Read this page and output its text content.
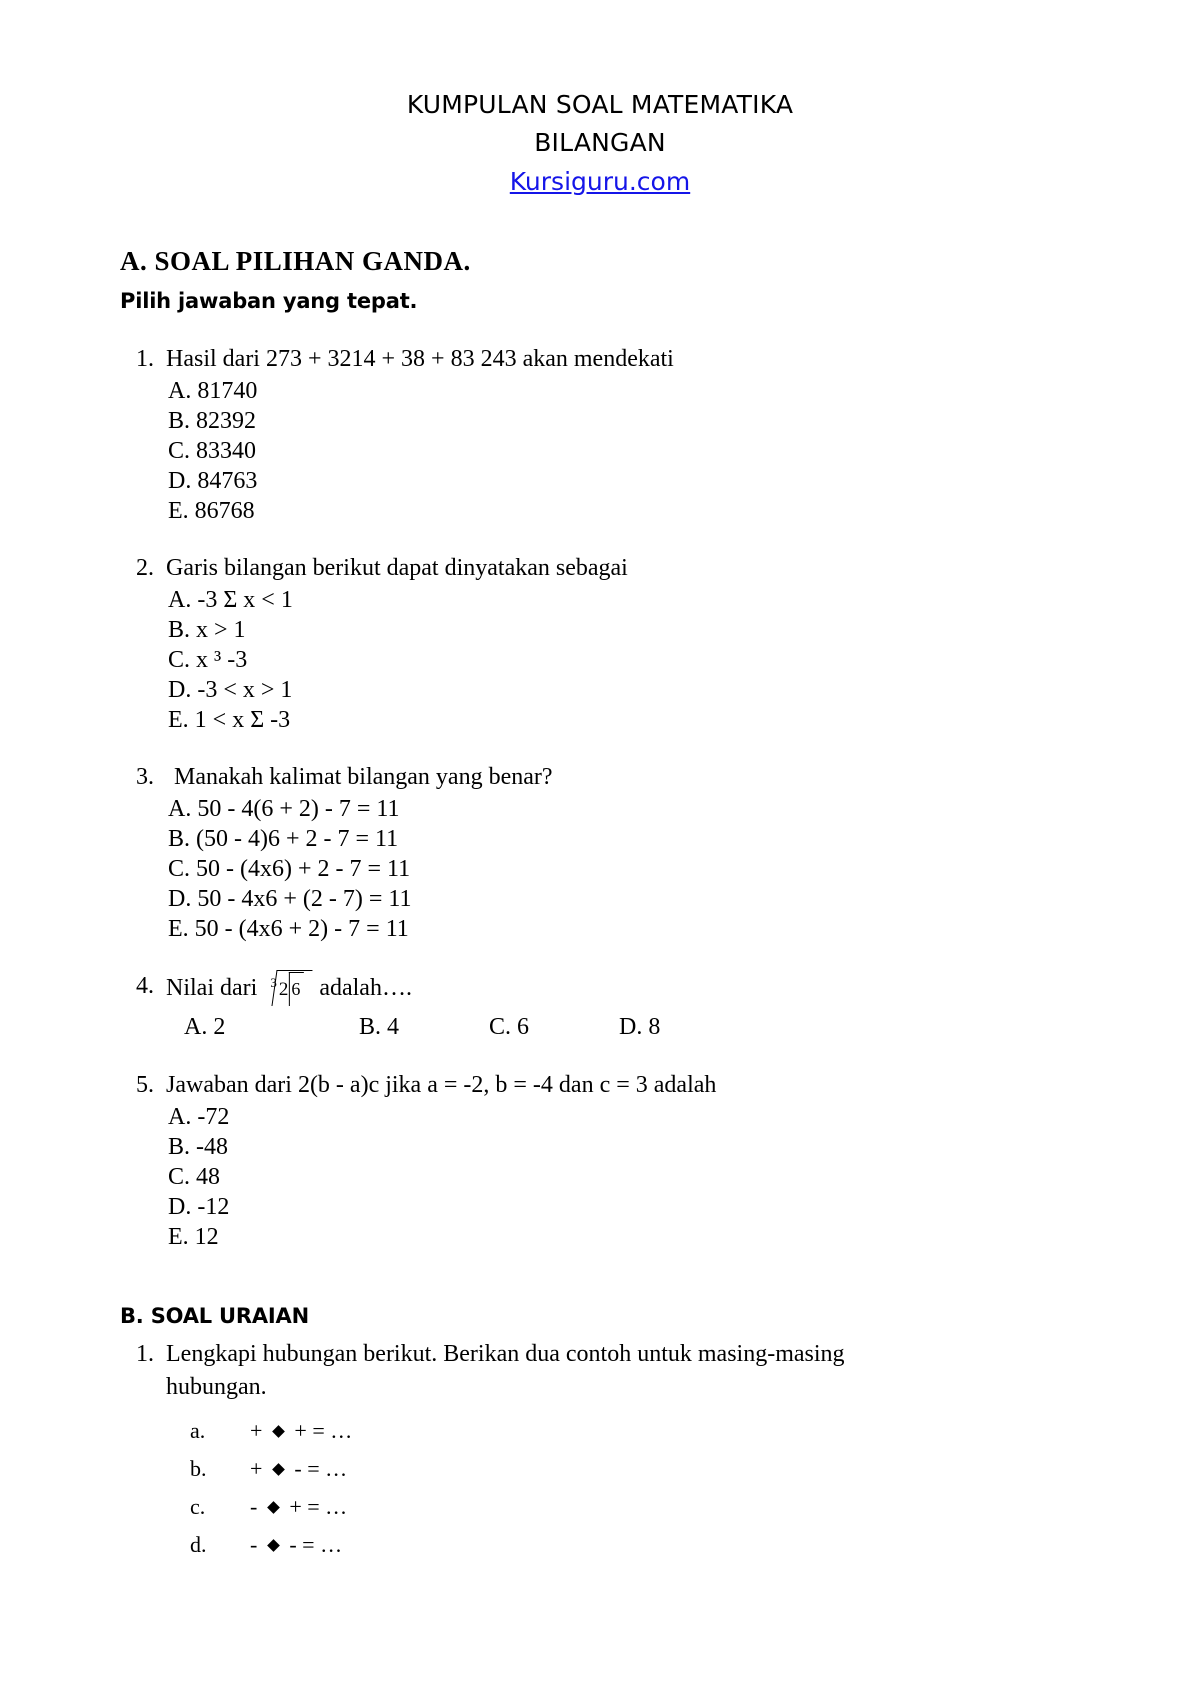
KUMPULAN SOAL MATEMATIKA
BILANGAN
Kursiguru.com
A. SOAL PILIHAN GANDA.
Pilih jawaban yang tepat.
1. Hasil dari 273 + 3214 + 38 + 83 243 akan mendekati
A. 81740
B. 82392
C. 83340
D. 84763
E. 86768
2. Garis bilangan berikut dapat dinyatakan sebagai
A. -3 Σ x < 1
B. x > 1
C. x ³ -3
D. -3 < x > 1
E. 1 < x Σ -3
3. Manakah kalimat bilangan yang benar?
A. 50 - 4(6 + 2) - 7 = 11
B. (50 - 4)6 + 2 - 7 = 11
C. 50 - (4x6) + 2 - 7 = 11
D. 50 - 4x6 + (2 - 7) = 11
E. 50 - (4x6 + 2) - 7 = 11
4. Nilai dari $^3$2 6 adalah….
A. 2	B. 4	C. 6	D. 8
5. Jawaban dari 2(b - a)c jika a = -2, b = -4 dan c = 3 adalah
A. -72
B. -48
C. 48
D. -12
E. 12
B. SOAL URAIAN
1. Lengkapi hubungan berikut. Berikan dua contoh untuk masing-masing hubungan.
a.	+ + = …
b.	+ - = …
c.	- + = …
d.	- - = …
